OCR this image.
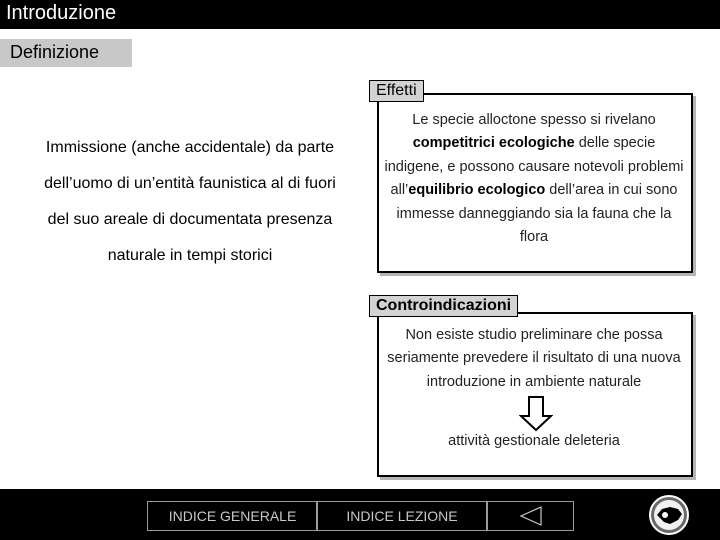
Introduzione
Definizione
Immissione (anche accidentale) da parte dell’uomo di un’entità faunistica al di fuori del suo areale di documentata presenza naturale in tempi storici
Effetti
Le specie alloctone spesso si rivelano competitrici ecologiche delle specie indigene, e possono causare notevoli problemi all’equilibrio ecologico dell’area in cui sono immesse danneggiando sia la fauna che la flora
Controindicazioni
Non esiste studio preliminare che possa seriamente prevedere il risultato di una nuova introduzione in ambiente naturale
attività gestionale deleteria
INDICE GENERALE	INDICE LEZIONE
